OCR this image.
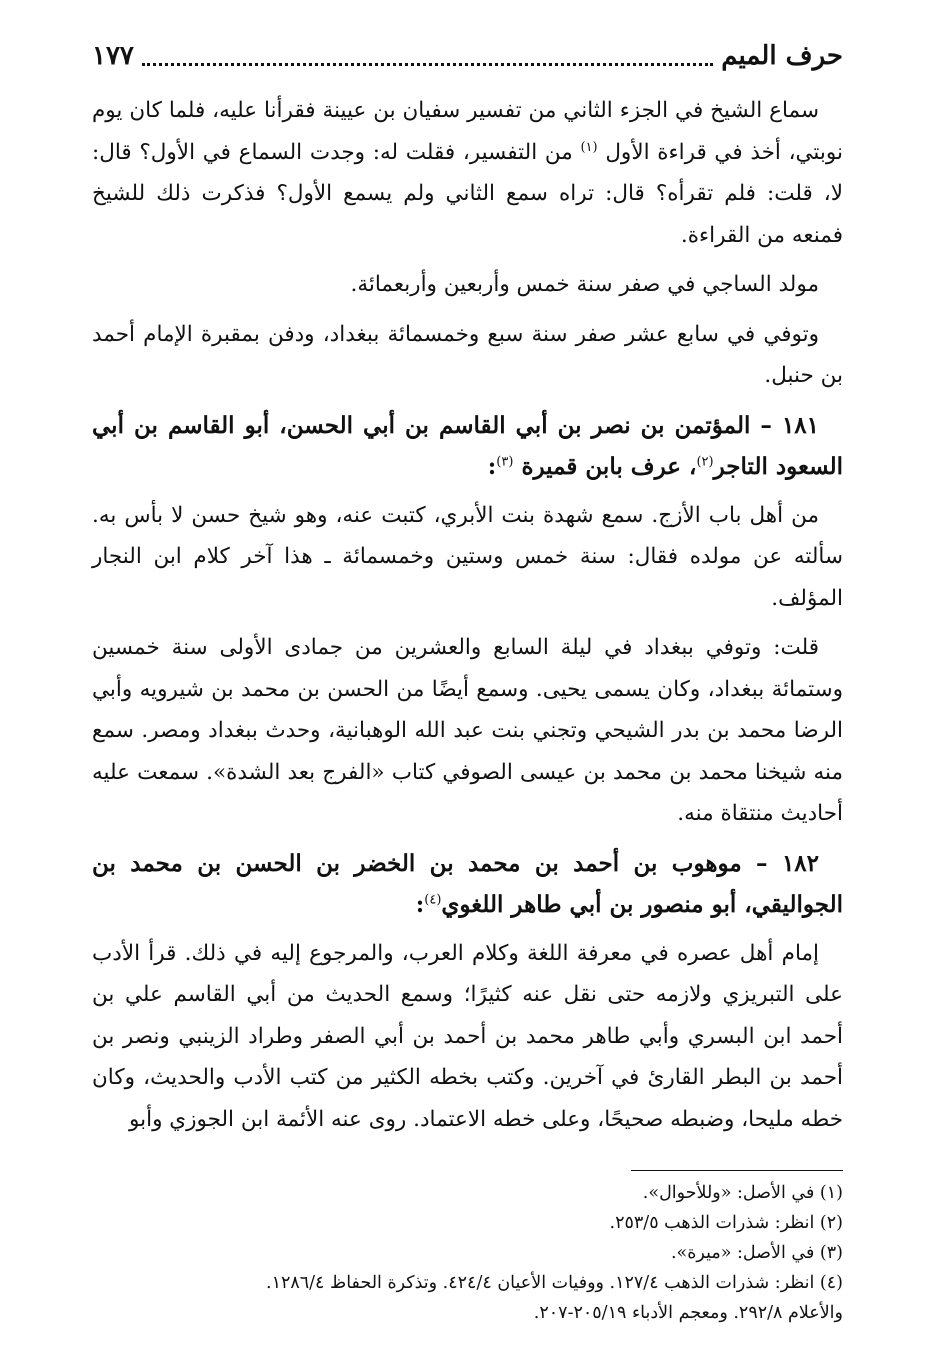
حرف الميم
١٧٧

سماع الشيخ في الجزء الثاني من تفسير سفيان بن عيينة فقرأنا عليه، فلما كان يوم نوبتي، أخذ في قراءة الأول $^{(١)}$ من التفسير، فقلت له: وجدت السماع في الأول؟ قال: لا، قلت: فلم تقرأه؟ قال: تراه سمع الثاني ولم يسمع الأول؟ فذكرت ذلك للشيخ فمنعه من القراءة.

مولد الساجي في صفر سنة خمس وأربعين وأربعمائة.

وتوفي في سابع عشر صفر سنة سبع وخمسمائة ببغداد، ودفن بمقبرة الإمام أحمد بن حنبل.

١٨١ – المؤتمن بن نصر بن أبي القاسم بن أبي الحسن، أبو القاسم بن أبي السعود التاجر$^{(٢)}$، عرف بابن قميرة $^{(٣)}$:

من أهل باب الأزج. سمع شهدة بنت الأبري، كتبت عنه، وهو شيخ حسن لا بأس به. سألته عن مولده فقال: سنة خمس وستين وخمسمائة ـ هذا آخر كلام ابن النجار المؤلف.

قلت: وتوفي ببغداد في ليلة السابع والعشرين من جمادى الأولى سنة خمسين وستمائة ببغداد، وكان يسمى يحيى. وسمع أيضًا من الحسن بن محمد بن شيرويه وأبي الرضا محمد بن بدر الشيحي وتجني بنت عبد الله الوهبانية، وحدث ببغداد ومصر. سمع منه شيخنا محمد بن محمد بن عيسى الصوفي كتاب «الفرج بعد الشدة». سمعت عليه أحاديث منتقاة منه.

١٨٢ – موهوب بن أحمد بن محمد بن الخضر بن الحسن بن محمد بن الجواليقي، أبو منصور بن أبي طاهر اللغوي$^{(٤)}$:

إمام أهل عصره في معرفة اللغة وكلام العرب، والمرجوع إليه في ذلك. قرأ الأدب على التبريزي ولازمه حتى نقل عنه كثيرًا؛ وسمع الحديث من أبي القاسم علي بن أحمد ابن البسري وأبي طاهر محمد بن أحمد بن أبي الصفر وطراد الزينبي ونصر بن أحمد بن البطر القارئ في آخرين. وكتب بخطه الكثير من كتب الأدب والحديث، وكان خطه مليحا، وضبطه صحيحًا، وعلى خطه الاعتماد. روى عنه الأئمة ابن الجوزي وأبو

(١) في الأصل: «وللأحوال».

(٢) انظر: شذرات الذهب ٢٥٣/٥.

(٣) في الأصل: «ميرة».

(٤) انظر: شذرات الذهب ١٢٧/٤. ووفيات الأعيان ٤٢٤/٤. وتذكرة الحفاظ ١٢٨٦/٤.
والأعلام ٢٩٢/٨. ومعجم الأدباء ٢٠٥/١٩-٢٠٧.
